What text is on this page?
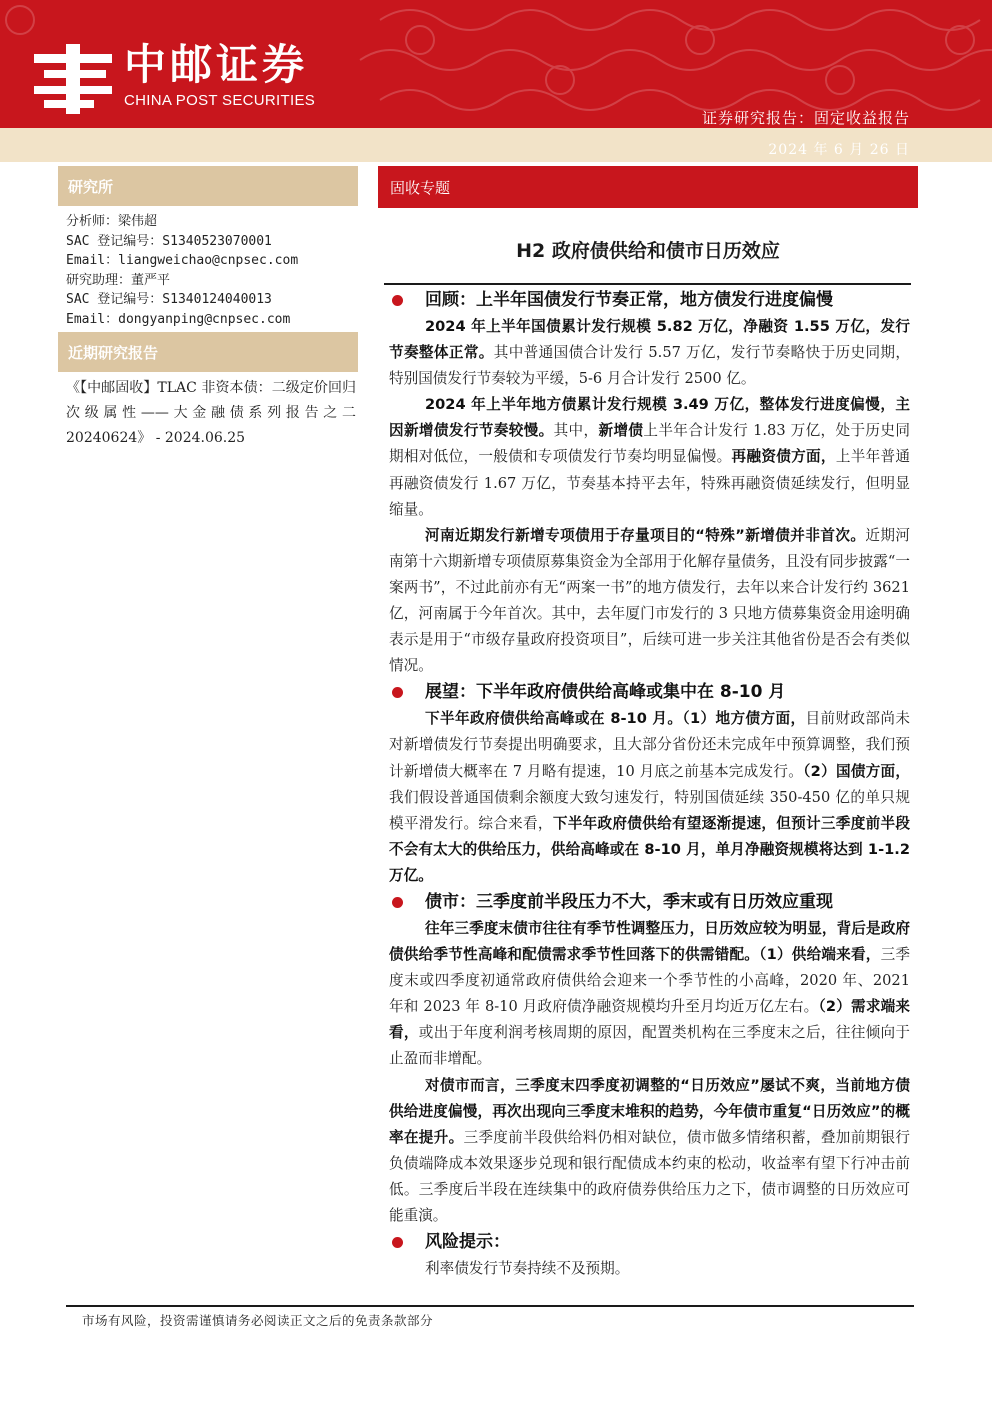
中邮证券
CHINA POST SECURITIES
证券研究报告：固定收益报告
2024 年 6 月 26 日
研究所
分析师：梁伟超
SAC 登记编号：S1340523070001
Email：liangweichao@cnpsec.com
研究助理：董严平
SAC 登记编号：S1340124040013
Email：dongyanping@cnpsec.com
近期研究报告
《【中邮固收】TLAC 非资本债：二级定价回归次级属性——大金融债系列报告之二 20240624》 - 2024.06.25
固收专题
H2 政府债供给和债市日历效应
回顾：上半年国债发行节奏正常，地方债发行进度偏慢

2024 年上半年国债累计发行规模 5.82 万亿，净融资 1.55 万亿，发行节奏整体正常。其中普通国债合计发行 5.57 万亿，发行节奏略快于历史同期，特别国债发行节奏较为平缓，5-6 月合计发行 2500 亿。

2024 年上半年地方债累计发行规模 3.49 万亿，整体发行进度偏慢，主因新增债发行节奏较慢。其中，新增债上半年合计发行 1.83 万亿，处于历史同期相对低位，一般债和专项债发行节奏均明显偏慢。再融资债方面，上半年普通再融资债发行 1.67 万亿，节奏基本持平去年，特殊再融资债延续发行，但明显缩量。

河南近期发行新增专项债用于存量项目的“特殊”新增债并非首次。近期河南第十六期新增专项债原募集资金为全部用于化解存量债务，且没有同步披露“一案两书”，不过此前亦有无“两案一书”的地方债发行，去年以来合计发行约 3621 亿，河南属于今年首次。其中，去年厦门市发行的 3 只地方债募集资金用途明确表示是用于“市级存量政府投资项目”，后续可进一步关注其他省份是否会有类似情况。

展望：下半年政府债供给高峰或集中在 8-10 月

下半年政府债供给高峰或在 8-10 月。（1）地方债方面，目前财政部尚未对新增债发行节奏提出明确要求，且大部分省份还未完成年中预算调整，我们预计新增债大概率在 7 月略有提速，10 月底之前基本完成发行。（2）国债方面，我们假设普通国债剩余额度大致匀速发行，特别国债延续 350-450 亿的单只规模平滑发行。综合来看，下半年政府债供给有望逐渐提速，但预计三季度前半段不会有太大的供给压力，供给高峰或在 8-10 月，单月净融资规模将达到 1-1.2 万亿。

债市：三季度前半段压力不大，季末或有日历效应重现

往年三季度末债市往往有季节性调整压力，日历效应较为明显，背后是政府债供给季节性高峰和配债需求季节性回落下的供需错配。（1）供给端来看，三季度末或四季度初通常政府债供给会迎来一个季节性的小高峰，2020 年、2021 年和 2023 年 8-10 月政府债净融资规模均升至月均近万亿左右。（2）需求端来看，或出于年度利润考核周期的原因，配置类机构在三季度末之后，往往倾向于止盈而非增配。

对债市而言，三季度末四季度初调整的“日历效应”屡试不爽，当前地方债供给进度偏慢，再次出现向三季度末堆积的趋势，今年债市重复“日历效应”的概率在提升。三季度前半段供给料仍相对缺位，债市做多情绪积蓄，叠加前期银行负债端降成本效果逐步兑现和银行配债成本约束的松动，收益率有望下行冲击前低。三季度后半段在连续集中的政府债券供给压力之下，债市调整的日历效应可能重演。

风险提示：
利率债发行节奏持续不及预期。
市场有风险，投资需谨慎请务必阅读正文之后的免责条款部分
